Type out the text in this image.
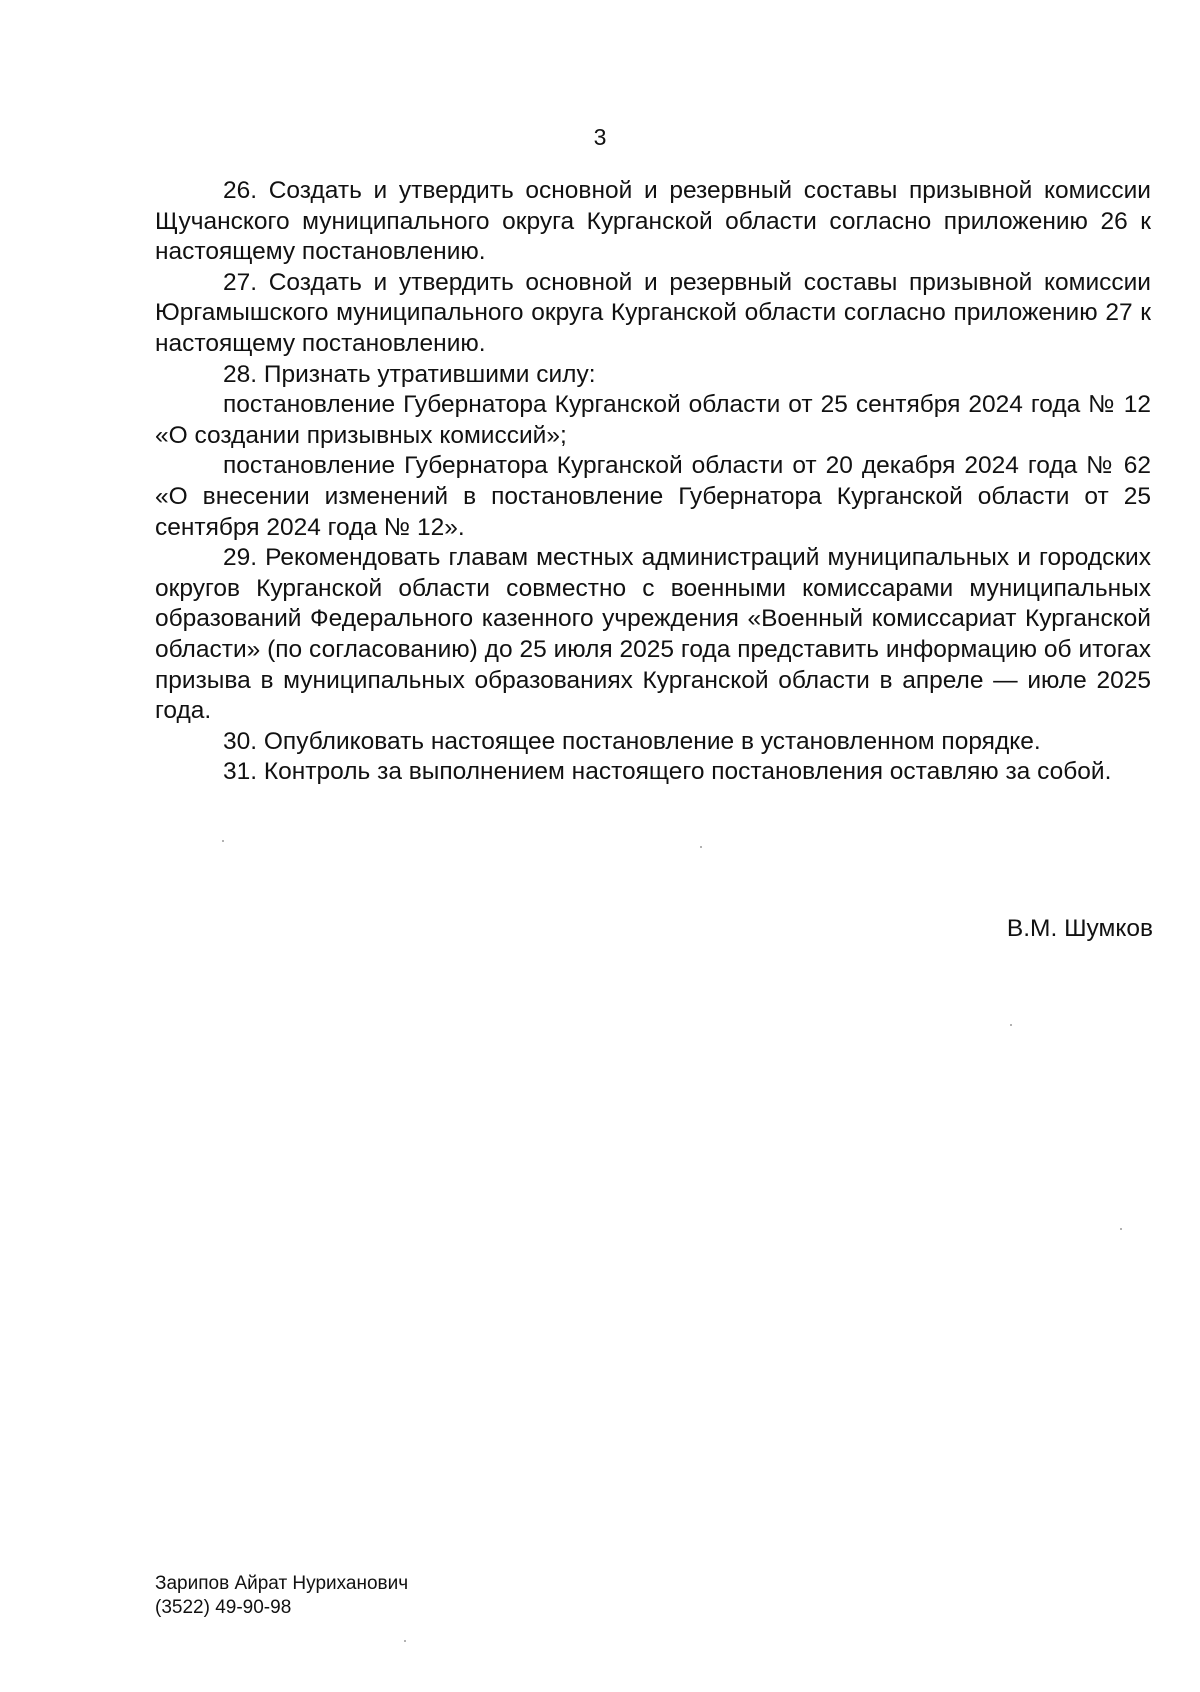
3

26. Создать и утвердить основной и резервный составы призывной комиссии Щучанского муниципального округа Курганской области согласно приложению 26 к настоящему постановлению.

27. Создать и утвердить основной и резервный составы призывной комиссии Юргамышского муниципального округа Курганской области согласно приложению 27 к настоящему постановлению.

28. Признать утратившими силу:

постановление Губернатора Курганской области от 25 сентября 2024 года № 12 «О создании призывных комиссий»;

постановление Губернатора Курганской области от 20 декабря 2024 года № 62 «О внесении изменений в постановление Губернатора Курганской области от 25 сентября 2024 года № 12».

29. Рекомендовать главам местных администраций муниципальных и городских округов Курганской области совместно с военными комиссарами муниципальных образований Федерального казенного учреждения «Военный комиссариат Курганской области» (по согласованию) до 25 июля 2025 года представить информацию об итогах призыва в муниципальных образованиях Курганской области в апреле — июле 2025 года.

30. Опубликовать настоящее постановление в установленном порядке.

31. Контроль за выполнением настоящего постановления оставляю за собой.

В.М. Шумков
Зарипов Айрат Нуриханович
(3522) 49-90-98
